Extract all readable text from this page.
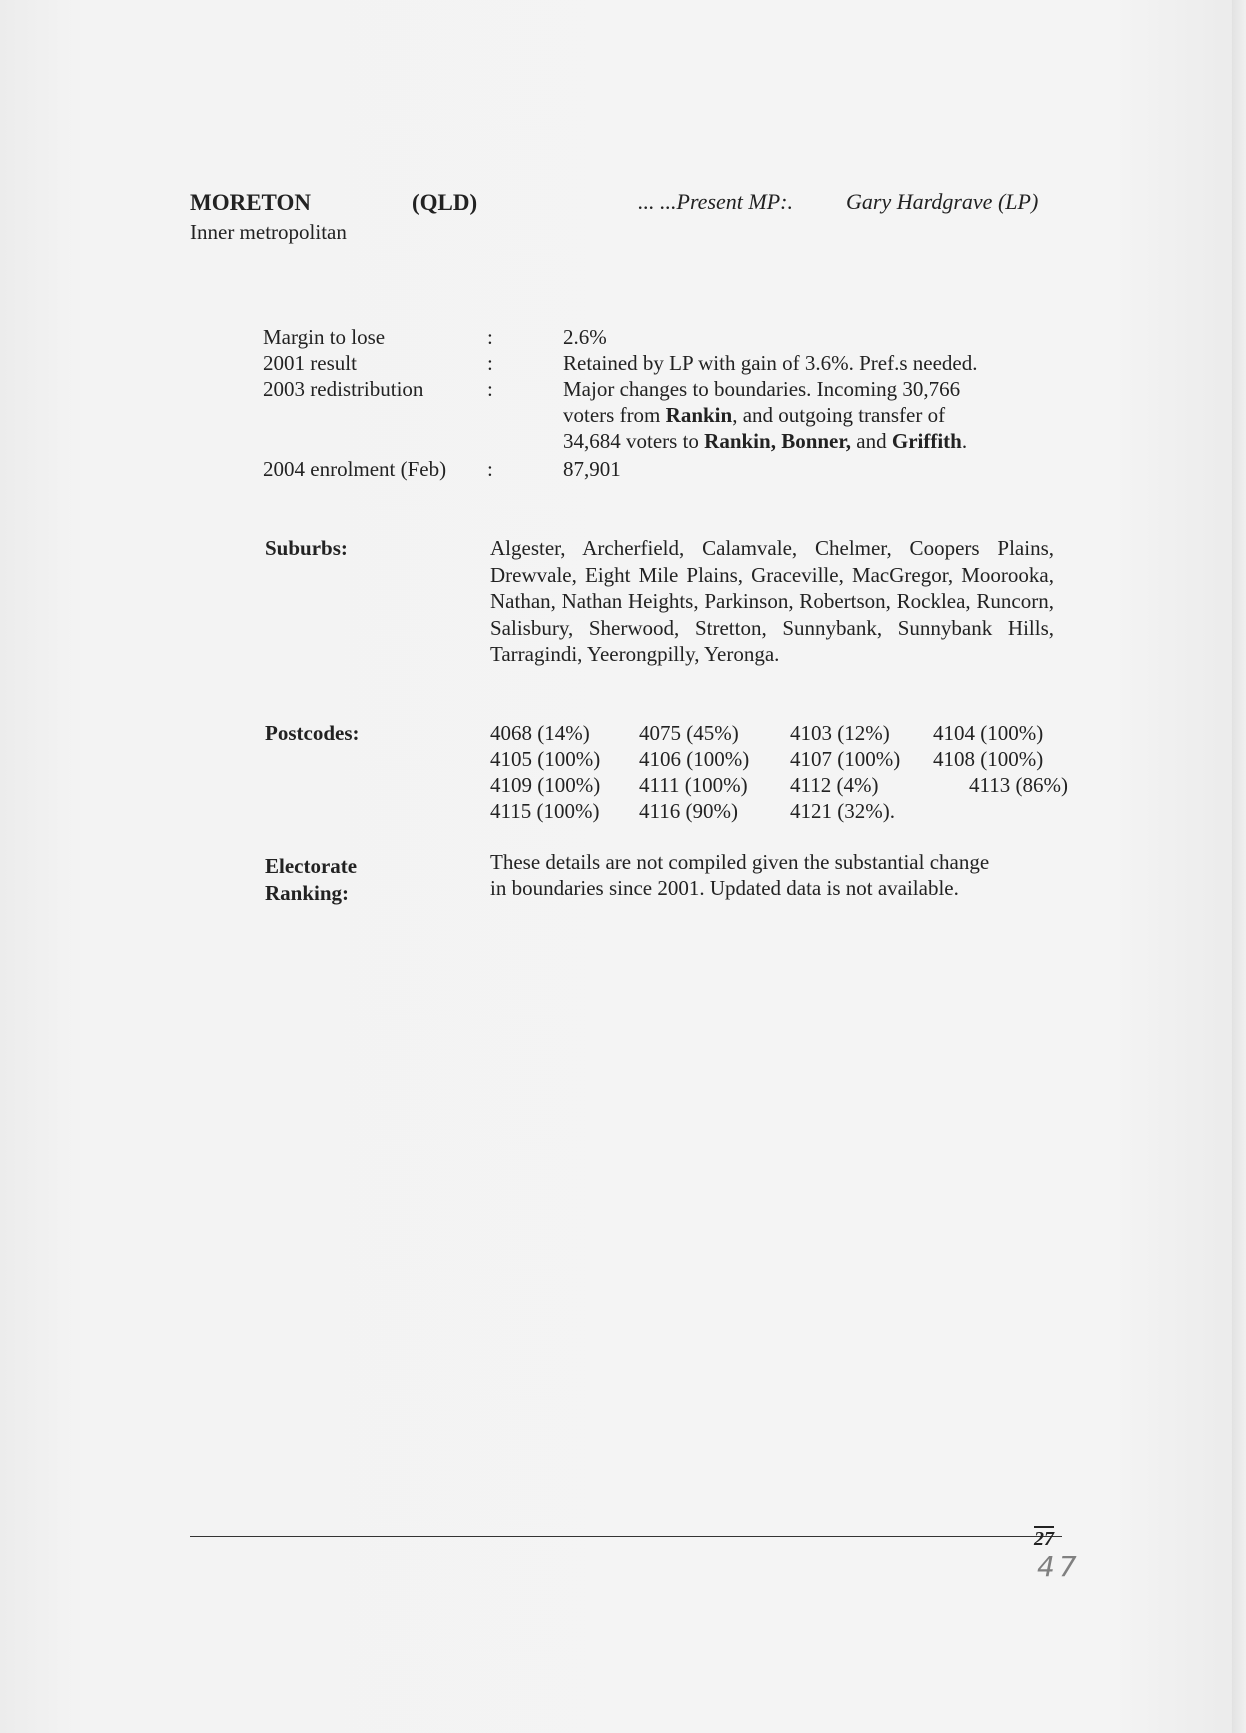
MORETON	(QLD)	... ...Present MP:. Gary Hardgrave (LP)
Inner metropolitan
Margin to lose	:	2.6%
2001 result	:	Retained by LP with gain of 3.6%. Pref.s needed.
2003 redistribution	:	Major changes to boundaries. Incoming 30,766
voters from Rankin, and outgoing transfer of
34,684 voters to Rankin, Bonner, and Griffith.
2004 enrolment (Feb) :	87,901
Suburbs:	Algester, Archerfield, Calamvale, Chelmer, Coopers Plains, Drewvale, Eight Mile Plains, Graceville, MacGregor, Moorooka, Nathan, Nathan Heights, Parkinson, Robertson, Rocklea, Runcorn, Salisbury, Sherwood, Stretton, Sunnybank, Sunnybank Hills, Tarragindi, Yeerongpilly, Yeronga.
Postcodes:	4068 (14%) 4075 (45%) 4103 (12%) 4104 (100%)
4105 (100%) 4106 (100%) 4107 (100%) 4108 (100%)
4109 (100%) 4111 (100%) 4112 (4%)	4113 (86%)
4115 (100%) 4116 (90%) 4121 (32%).
Electorate
Ranking:
These details are not compiled given the substantial change
in boundaries since 2001. Updated data is not available.
27
47
